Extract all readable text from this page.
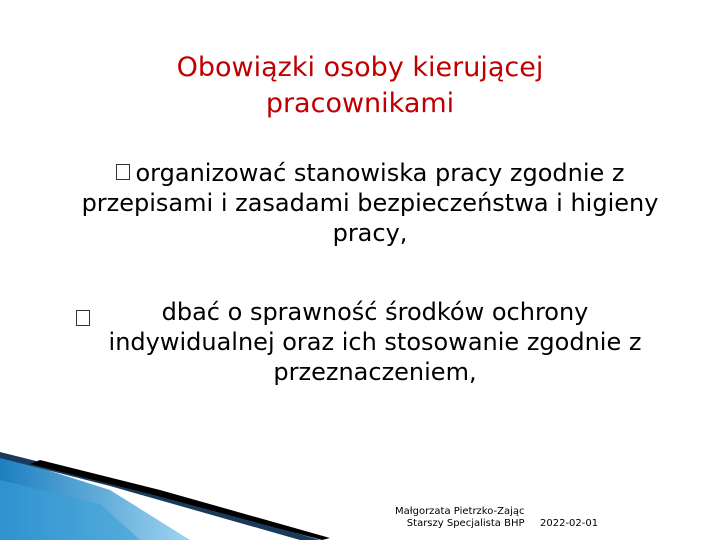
Obowiązki osoby kierującej pracownikami
organizować stanowiska pracy zgodnie z przepisami i zasadami bezpieczeństwa i higieny pracy,
dbać o sprawność środków ochrony indywidualnej oraz ich stosowanie zgodnie z przeznaczeniem,
Małgorzata Pietrzko-Zając
Starszy Specjalista BHP 2022-02-01
